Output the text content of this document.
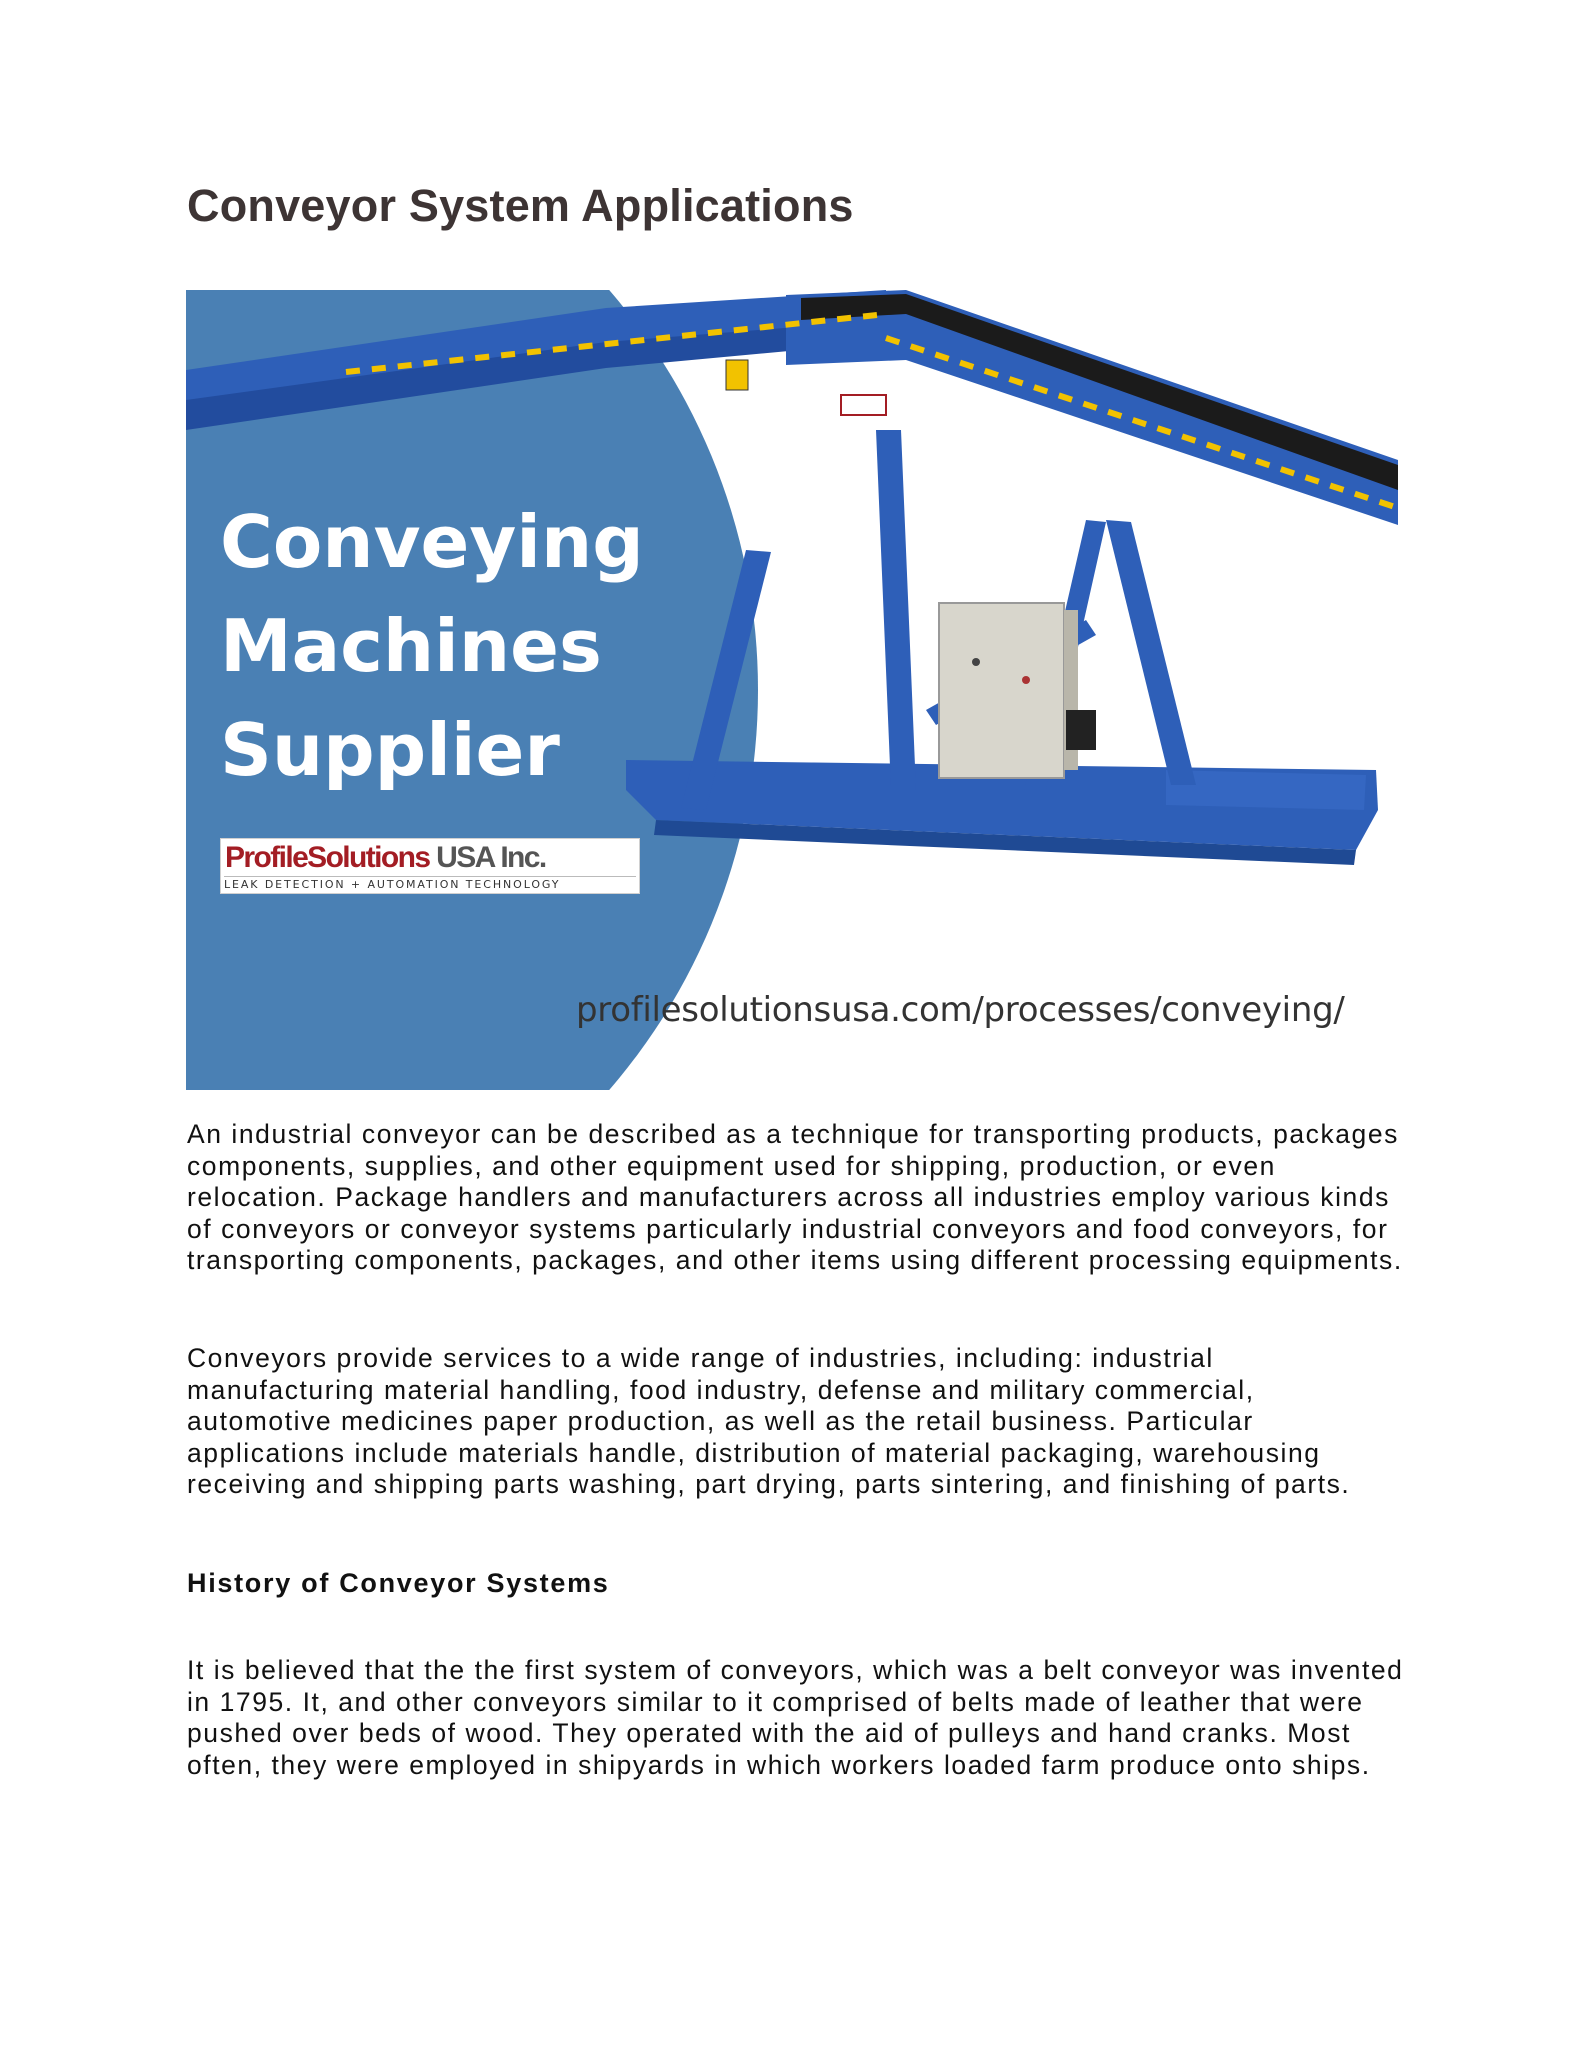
Conveyor System Applications
Conveying
Machines
Supplier
ProfileSolutions USA Inc.
LEAK DETECTION + AUTOMATION TECHNOLOGY
profilesolutionsusa.com/processes/conveying/

An industrial conveyor can be described as a technique for transporting products, packages components, supplies, and other equipment used for shipping, production, or even relocation. Package handlers and manufacturers across all industries employ various kinds of conveyors or conveyor systems particularly industrial conveyors and food conveyors, for transporting components, packages, and other items using different processing equipments.

Conveyors provide services to a wide range of industries, including: industrial manufacturing material handling, food industry, defense and military commercial, automotive medicines paper production, as well as the retail business. Particular applications include materials handle, distribution of material packaging, warehousing receiving and shipping parts washing, part drying, parts sintering, and finishing of parts.

History of Conveyor Systems

It is believed that the the first system of conveyors, which was a belt conveyor was invented in 1795. It, and other conveyors similar to it comprised of belts made of leather that were pushed over beds of wood. They operated with the aid of pulleys and hand cranks. Most often, they were employed in shipyards in which workers loaded farm produce onto ships.
